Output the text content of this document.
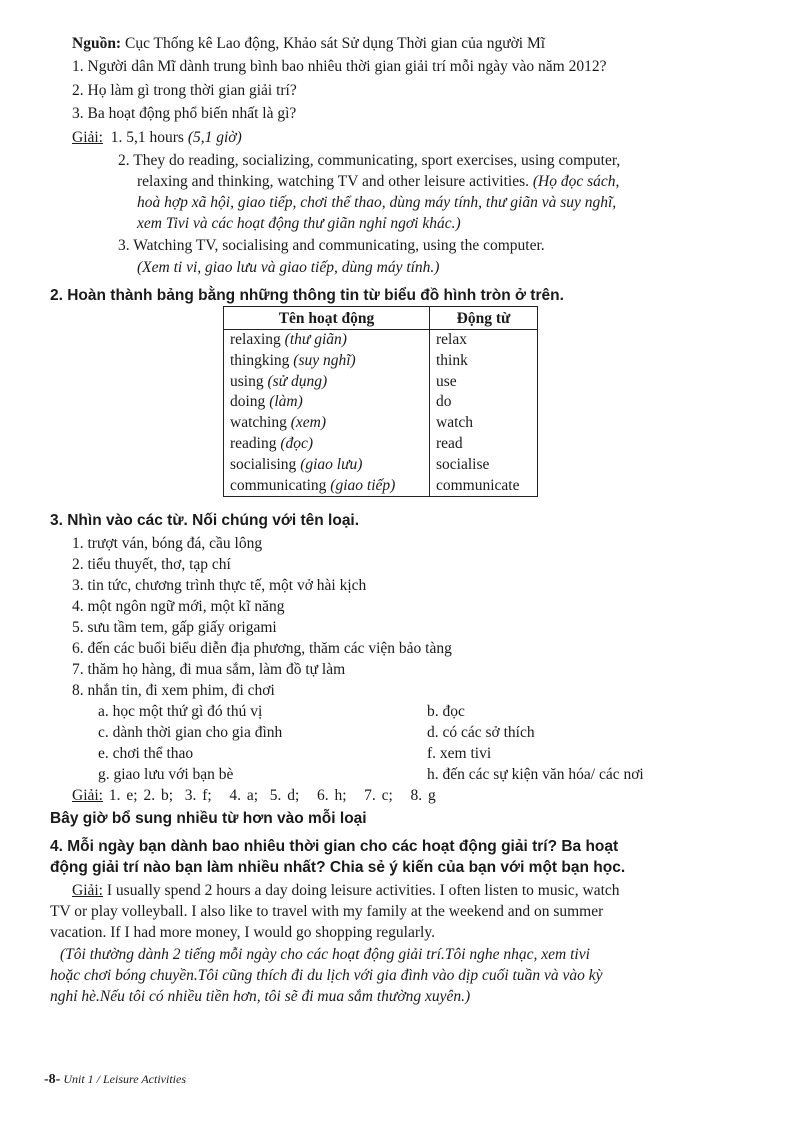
Nguồn: Cục Thống kê Lao động, Khảo sát Sử dụng Thời gian của người Mĩ
1. Người dân Mĩ dành trung bình bao nhiêu thời gian giải trí mỗi ngày vào năm 2012?
2. Họ làm gì trong thời gian giải trí?
3. Ba hoạt động phổ biến nhất là gì?
Giải: 1. 5,1 hours (5,1 giờ)
2. They do reading, socializing, communicating, sport exercises, using computer,
relaxing and thinking, watching TV and other leisure activities. (Họ đọc sách,
hoà hợp xã hội, giao tiếp, chơi thể thao, dùng máy tính, thư giãn và suy nghĩ,
xem Tivi và các hoạt động thư giãn nghỉ ngơi khác.)
3. Watching TV, socialising and communicating, using the computer.
(Xem ti vi, giao lưu và giao tiếp, dùng máy tính.)
2. Hoàn thành bảng bằng những thông tin từ biểu đồ hình tròn ở trên.
Tên hoạt động	Động từ
relaxing (thư giãn)	relax
thingking (suy nghĩ)	think
using (sử dụng)	use
doing (làm)	do
watching (xem)	watch
reading (đọc)	read
socialising (giao lưu)	socialise
communicating (giao tiếp)	communicate
3. Nhìn vào các từ. Nối chúng với tên loại.
1. trượt ván, bóng đá, cầu lông
2. tiểu thuyết, thơ, tạp chí
3. tin tức, chương trình thực tế, một vở hài kịch
4. một ngôn ngữ mới, một kĩ năng
5. sưu tầm tem, gấp giấy origami
6. đến các buổi biểu diễn địa phương, thăm các viện bảo tàng
7. thăm họ hàng, đi mua sắm, làm đồ tự làm
8. nhắn tin, đi xem phim, đi chơi
a. học một thứ gì đó thú vị	b. đọc
c. dành thời gian cho gia đình	d. có các sở thích
e. chơi thể thao	f. xem tivi
g. giao lưu với bạn bè	h. đến các sự kiện văn hóa/ các nơi
Giải: 1. e; 2. b; 3. f; 4. a; 5. d; 6. h; 7. c; 8. g
Bây giờ bổ sung nhiều từ hơn vào mỗi loại
4. Mỗi ngày bạn dành bao nhiêu thời gian cho các hoạt động giải trí? Ba hoạt
động giải trí nào bạn làm nhiều nhất? Chia sẻ ý kiến của bạn với một bạn học.
Giải: I usually spend 2 hours a day doing leisure activities. I often listen to music, watch
TV or play volleyball. I also like to travel with my family at the weekend and on summer
vacation. If I had more money, I would go shopping regularly.
(Tôi thường dành 2 tiếng mỗi ngày cho các hoạt động giải trí.Tôi nghe nhạc, xem tivi
hoặc chơi bóng chuyền.Tôi cũng thích đi du lịch với gia đình vào dịp cuối tuần và vào kỳ
nghỉ hè.Nếu tôi có nhiều tiền hơn, tôi sẽ đi mua sắm thường xuyên.)
-8- Unit 1 / Leisure Activities
